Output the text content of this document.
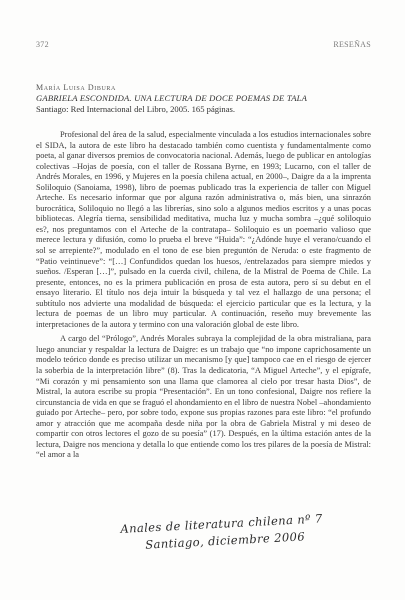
372	RESEÑAS
María Luisa Dibura
GABRIELA ESCONDIDA. UNA LECTURA DE DOCE POEMAS DE TALA
Santiago: Red Internacional del Libro, 2005. 165 páginas.

Profesional del área de la salud, especialmente vinculada a los estudios internacionales sobre el SIDA, la autora de este libro ha destacado también como cuentista y fundamentalmente como poeta, al ganar diversos premios de convocatoria nacional. Además, luego de publicar en antologías colectivas –Hojas de poesía, con el taller de Rossana Byrne, en 1993; Lucarno, con el taller de Andrés Morales, en 1996, y Mujeres en la poesía chilena actual, en 2000–, Daigre da a la imprenta Soliloquio (Sanoiama, 1998), libro de poemas publicado tras la experiencia de taller con Miguel Arteche. Es necesario informar que por alguna razón administrativa o, más bien, una sinrazón burocrática, Soliloquio no llegó a las librerías, sino solo a algunos medios escritos y a unas pocas bibliotecas. Alegría tierna, sensibilidad meditativa, mucha luz y mucha sombra –¿qué soliloquio es?, nos preguntamos con el Arteche de la contratapa– Soliloquio es un poemario valioso que merece lectura y difusión, como lo prueba el breve “Huida”: “¿Adónde huye el verano/cuando el sol se arrepiente?”, modulado en el tono de ese bien preguntón de Neruda: o este fragmento de “Patio veintinueve”: “[…] Confundidos quedan los huesos, /entrelazados para siempre miedos y sueños. /Esperan […]”, pulsado en la cuerda civil, chilena, de la Mistral de Poema de Chile. La presente, entonces, no es la primera publicación en prosa de esta autora, pero sí su debut en el ensayo literario. El título nos deja intuir la búsqueda y tal vez el hallazgo de una persona; el subtítulo nos advierte una modalidad de búsqueda: el ejercicio particular que es la lectura, y la lectura de poemas de un libro muy particular. A continuación, reseño muy brevemente las interpretaciones de la autora y termino con una valoración global de este libro.

A cargo del “Prólogo”, Andrés Morales subraya la complejidad de la obra mistraliana, para luego anunciar y respaldar la lectura de Daigre: es un trabajo que “no impone caprichosamente un modelo teórico donde es preciso utilizar un mecanismo [y que] tampoco cae en el riesgo de ejercer la soberbia de la interpretación libre” (8). Tras la dedicatoria, “A Miguel Arteche”, y el epígrafe, “Mi corazón y mi pensamiento son una llama que clamorea al cielo por tresar hasta Dios”, de Mistral, la autora escribe su propia “Presentación”. En un tono confesional, Daigre nos refiere la circunstancia de vida en que se fraguó el ahondamiento en el libro de nuestra Nobel –ahondamiento guiado por Arteche– pero, por sobre todo, expone sus propias razones para este libro: “el profundo amor y atracción que me acompaña desde niña por la obra de Gabriela Mistral y mi deseo de compartir con otros lectores el gozo de su poesía” (17). Después, en la última estación antes de la lectura, Daigre nos menciona y detalla lo que entiende como los tres pilares de la poesía de Mistral: “el amor a la

Anales de literatura chilena nº 7
Santiago, diciembre 2006
